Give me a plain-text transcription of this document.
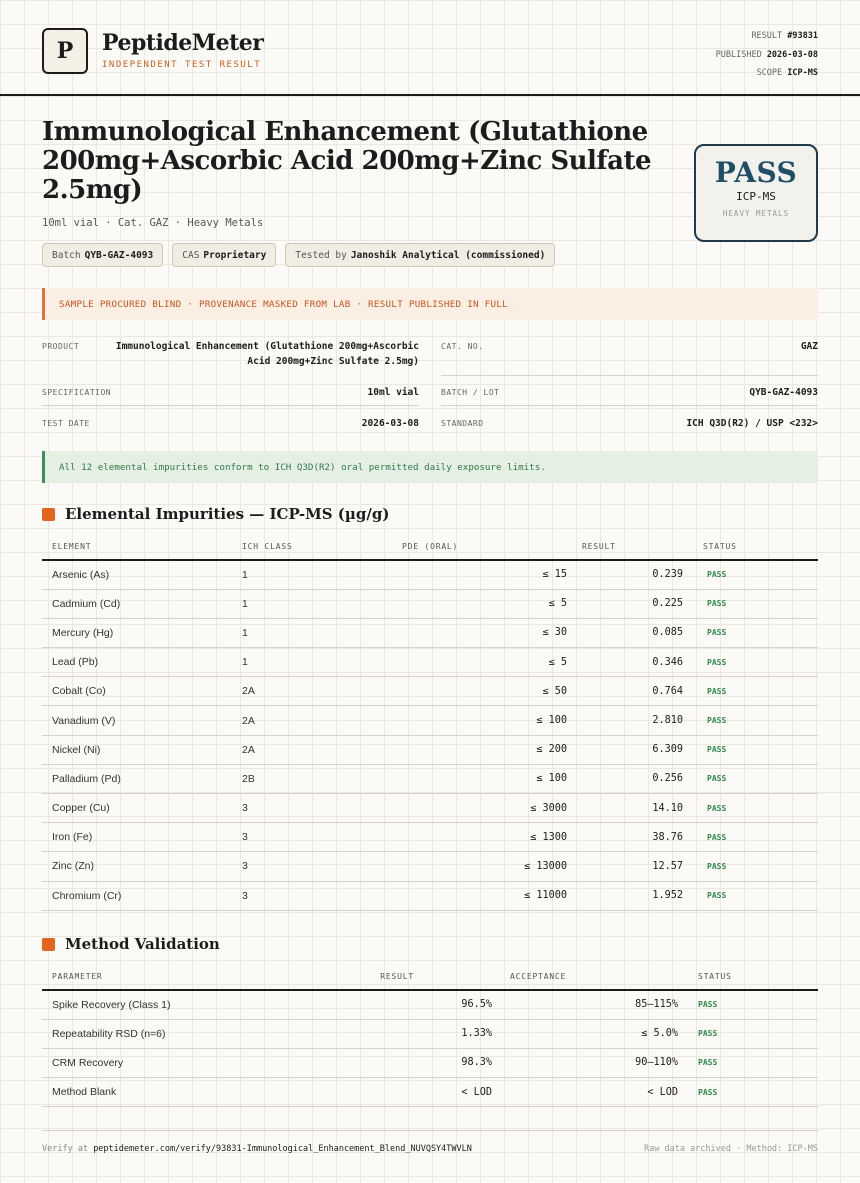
P	PeptideMeter
INDEPENDENT TEST RESULT
RESULT #93831
PUBLISHED 2026-03-08
SCOPE ICP-MS
Immunological Enhancement (Glutathione 200mg+Ascorbic Acid 200mg+Zinc Sulfate 2.5mg)
10ml vial · Cat. GAZ · Heavy Metals
Batch QYB-GAZ-4093	CAS Proprietary	Tested by Janoshik Analytical (commissioned)
PASS
ICP-MS
HEAVY METALS
SAMPLE PROCURED BLIND · PROVENANCE MASKED FROM LAB · RESULT PUBLISHED IN FULL
PRODUCT	Immunological Enhancement (Glutathione 200mg+Ascorbic
Acid 200mg+Zinc Sulfate 2.5mg)
CAT. NO.	GAZ
SPECIFICATION	10ml vial	BATCH / LOT	QYB-GAZ-4093
TEST DATE	2026-03-08	STANDARD	ICH Q3D(R2) / USP <232>
All 12 elemental impurities conform to ICH Q3D(R2) oral permitted daily exposure limits.
Elemental Impurities — ICP-MS (µg/g)
ELEMENT	ICH CLASS	PDE (ORAL)	RESULT	STATUS
Arsenic (As)	1	≤ 15	0.239	PASS
Cadmium (Cd)	1	≤ 5	0.225	PASS
Mercury (Hg)	1	≤ 30	0.085	PASS
Lead (Pb)	1	≤ 5	0.346	PASS
Cobalt (Co)	2A	≤ 50	0.764	PASS
Vanadium (V)	2A	≤ 100	2.810	PASS
Nickel (Ni)	2A	≤ 200	6.309	PASS
Palladium (Pd)	2B	≤ 100	0.256	PASS
Copper (Cu)	3	≤ 3000	14.10	PASS
Iron (Fe)	3	≤ 1300	38.76	PASS
Zinc (Zn)	3	≤ 13000	12.57	PASS
Chromium (Cr)	3	≤ 11000	1.952	PASS
Method Validation
PARAMETER	RESULT	ACCEPTANCE	STATUS
Spike Recovery (Class 1)	96.5%	85–115%	PASS
Repeatability RSD (n=6)	1.33%	≤ 5.0%	PASS
CRM Recovery	98.3%	90–110%	PASS
Method Blank	< LOD	< LOD	PASS
Verify at peptidemeter.com/verify/93831-Immunological_Enhancement_Blend_NUVQSY4TWVLN	Raw data archived · Method: ICP-MS
